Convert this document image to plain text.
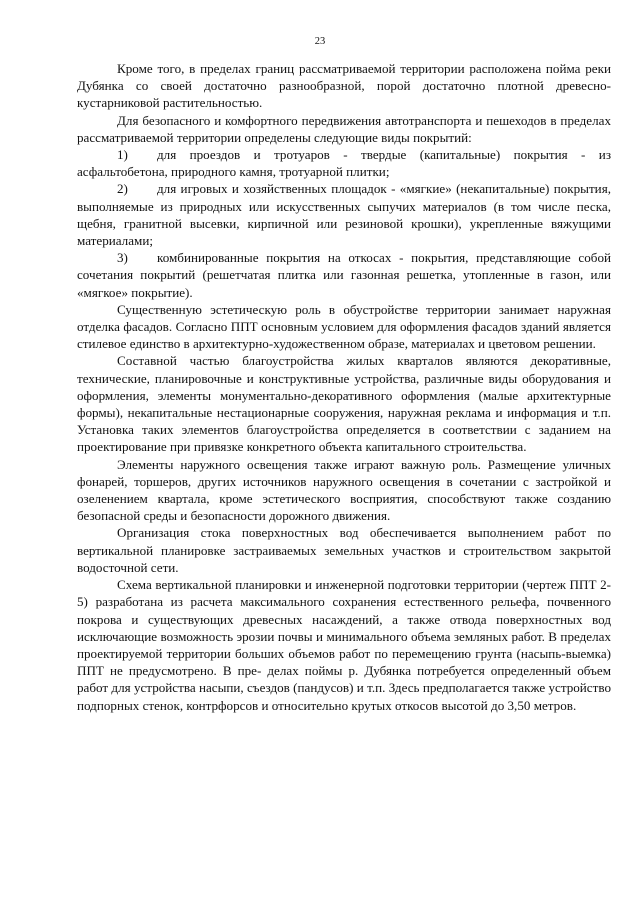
23

Кроме того, в пределах границ рассматриваемой территории расположена пойма реки Дубянка со своей достаточно разнообразной, порой достаточно плотной древесно-кустарниковой растительностью.

Для безопасного и комфортного передвижения автотранспорта и пешеходов в пределах рассматриваемой территории определены следующие виды покрытий:

1) для проездов и тротуаров - твердые (капитальные) покрытия - из асфальтобетона, природного камня, тротуарной плитки;

2) для игровых и хозяйственных площадок - «мягкие» (некапитальные) покрытия, выполняемые из природных или искусственных сыпучих материалов (в том числе песка, щебня, гранитной высевки, кирпичной или резиновой крошки), укрепленные вяжущими материалами;

3) комбинированные покрытия на откосах - покрытия, представляющие собой сочетания покрытий (решетчатая плитка или газонная решетка, утопленные в газон, или «мягкое» покрытие).

Существенную эстетическую роль в обустройстве территории занимает наружная отделка фасадов. Согласно ППТ основным условием для оформления фасадов зданий является стилевое единство в архитектурно-художественном образе, материалах и цветовом решении.

Составной частью благоустройства жилых кварталов являются декоративные, технические, планировочные и конструктивные устройства, различные виды оборудования и оформления, элементы монументально-декоративного оформления (малые архитектурные формы), некапитальные нестационарные сооружения, наружная реклама и информация и т.п. Установка таких элементов благоустройства определяется в соответствии с заданием на проектирование при привязке конкретного объекта капитального строительства.

Элементы наружного освещения также играют важную роль. Размещение уличных фонарей, торшеров, других источников наружного освещения в сочетании с застройкой и озеленением квартала, кроме эстетического восприятия, способствуют также созданию безопасной среды и безопасности дорожного движения.

Организация стока поверхностных вод обеспечивается выполнением работ по вертикальной планировке застраиваемых земельных участков и строительством закрытой водосточной сети.

Схема вертикальной планировки и инженерной подготовки территории (чертеж ППТ 2-5) разработана из расчета максимального сохранения естественного рельефа, почвенного покрова и существующих древесных насаждений, а также отвода поверхностных вод исключающие возможность эрозии почвы и минимального объема земляных работ. В пределах проектируемой территории больших объемов работ по перемещению грунта (насыпь-выемка) ППТ не предусмотрено. В пре- делах поймы р. Дубянка потребуется определенный объем работ для устройства насыпи, съездов (пандусов) и т.п. Здесь предполагается также устройство подпорных стенок, контрфорсов и относительно крутых откосов высотой до 3,50 метров.
